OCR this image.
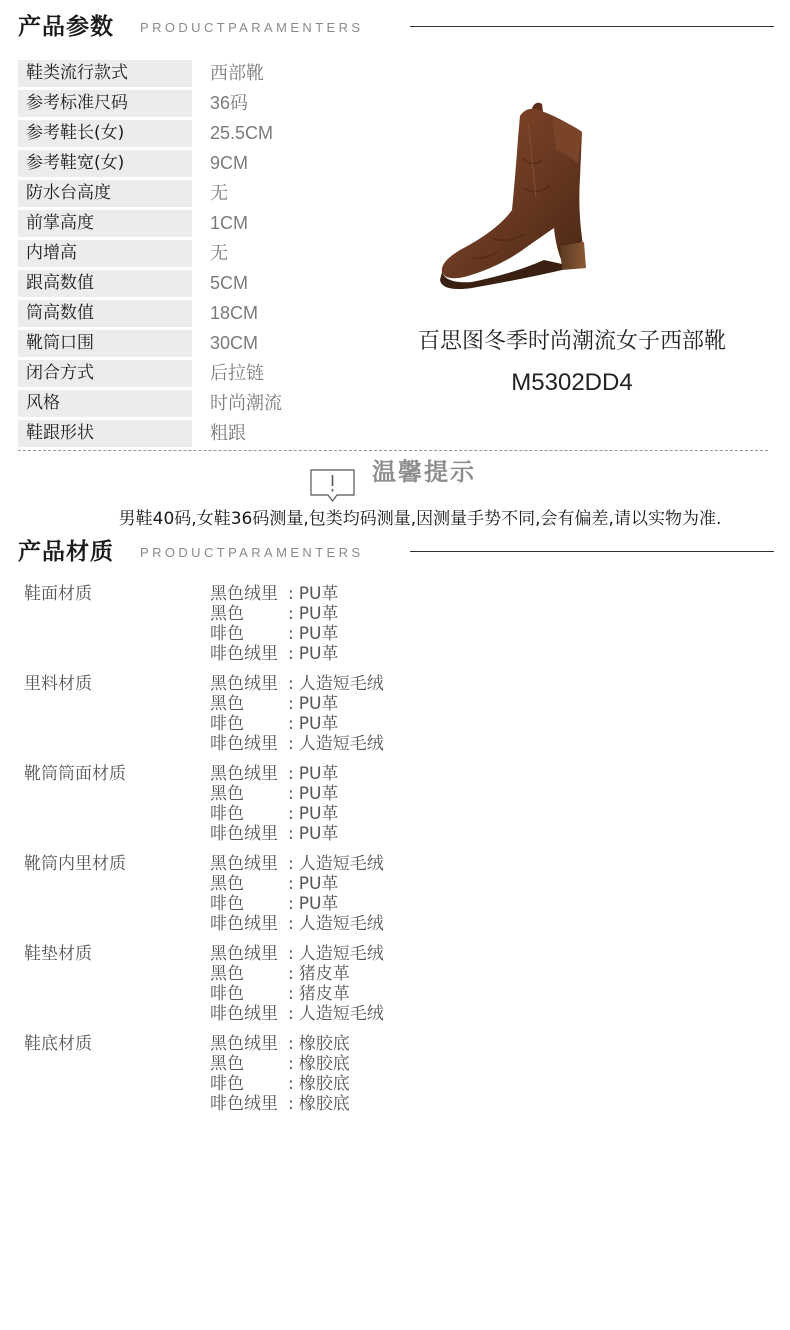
产品参数 PRODUCTPARAMENTERS
鞋类流行款式	西部靴
参考标准尺码	36码
参考鞋长(女)	25.5CM
参考鞋宽(女)	9CM
防水台高度	无
前掌高度	1CM
内增高	无
跟高数值	5CM
筒高数值	18CM
靴筒口围	30CM
闭合方式	后拉链
风格	时尚潮流
鞋跟形状	粗跟
百思图冬季时尚潮流女子西部靴
M5302DD4
温馨提示
男鞋40码,女鞋36码测量,包类均码测量,因测量手势不同,会有偏差,请以实物为准.
产品材质 PRODUCTPARAMENTERS
鞋面材质	黑色绒里 : PU革
黑色	: PU革
啡色	: PU革
啡色绒里 : PU革
里料材质	黑色绒里 : 人造短毛绒
黑色	: PU革
啡色	: PU革
啡色绒里 : 人造短毛绒
靴筒筒面材质	黑色绒里 : PU革
黑色	: PU革
啡色	: PU革
啡色绒里 : PU革
靴筒内里材质	黑色绒里 : 人造短毛绒
黑色	: PU革
啡色	: PU革
啡色绒里 : 人造短毛绒
鞋垫材质	黑色绒里 : 人造短毛绒
黑色	: 猪皮革
啡色	: 猪皮革
啡色绒里 : 人造短毛绒
鞋底材质	黑色绒里 : 橡胶底
黑色	: 橡胶底
啡色	: 橡胶底
啡色绒里 : 橡胶底
